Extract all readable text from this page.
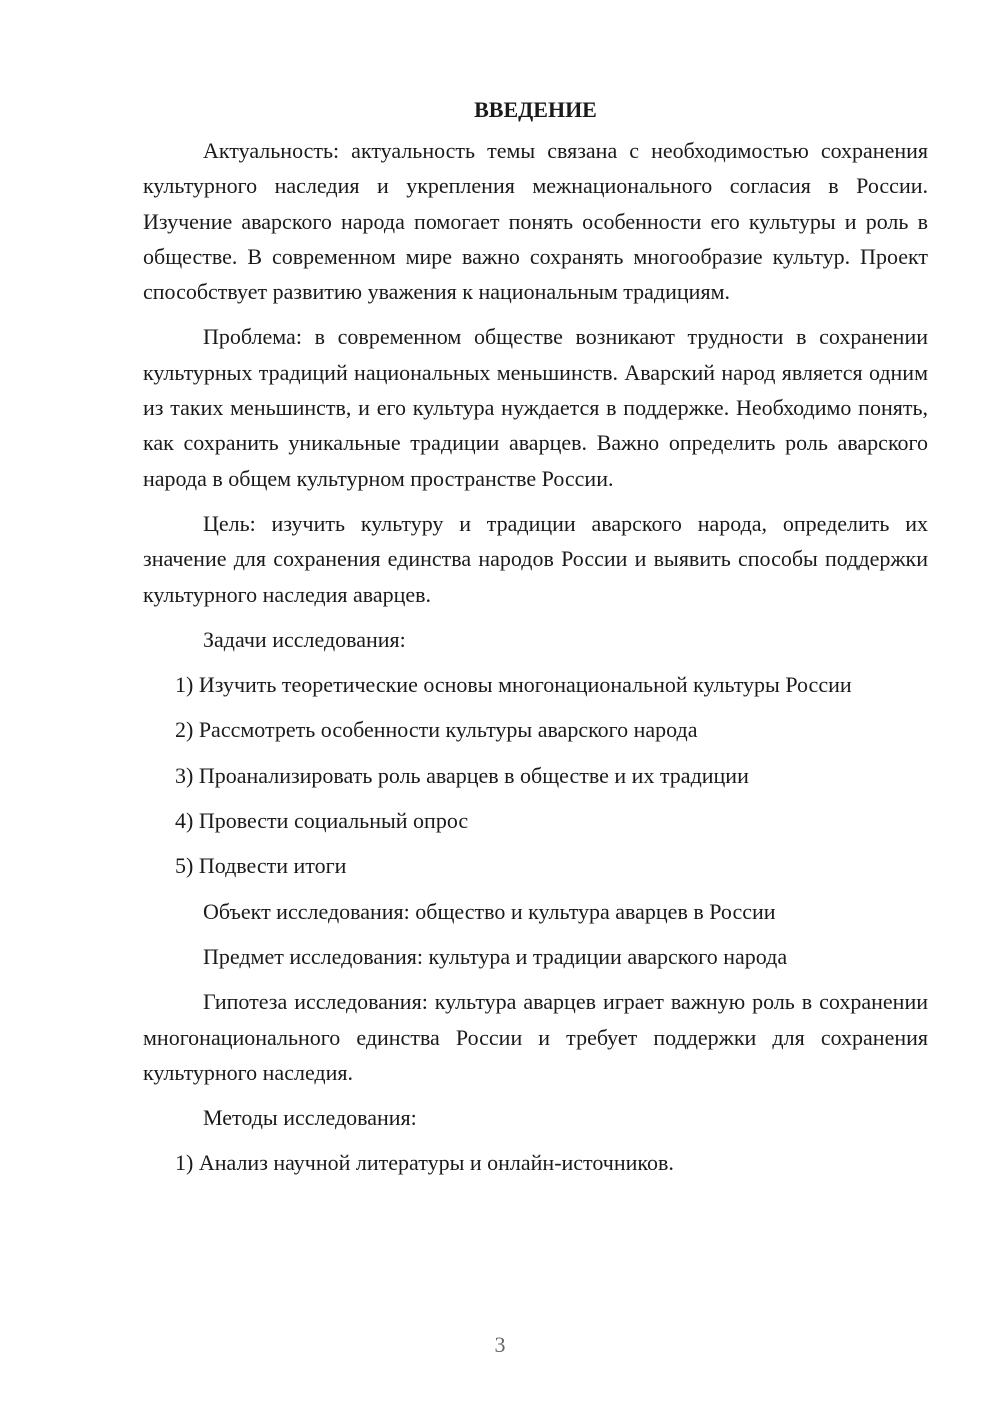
ВВЕДЕНИЕ

Актуальность: актуальность темы связана с необходимостью сохранения культурного наследия и укрепления межнационального согласия в России. Изучение аварского народа помогает понять особенности его культуры и роль в обществе. В современном мире важно сохранять многообразие культур. Проект способствует развитию уважения к национальным традициям.

Проблема: в современном обществе возникают трудности в сохранении культурных традиций национальных меньшинств. Аварский народ является одним из таких меньшинств, и его культура нуждается в поддержке. Необходимо понять, как сохранить уникальные традиции аварцев. Важно определить роль аварского народа в общем культурном пространстве России.

Цель: изучить культуру и традиции аварского народа, определить их значение для сохранения единства народов России и выявить способы поддержки культурного наследия аварцев.

Задачи исследования:

1) Изучить теоретические основы многонациональной культуры России

2) Рассмотреть особенности культуры аварского народа

3) Проанализировать роль аварцев в обществе и их традиции

4) Провести социальный опрос

5) Подвести итоги

Объект исследования: общество и культура аварцев в России

Предмет исследования: культура и традиции аварского народа

Гипотеза исследования: культура аварцев играет важную роль в сохранении многонационального единства России и требует поддержки для сохранения культурного наследия.

Методы исследования:

1) Анализ научной литературы и онлайн-источников.

3
